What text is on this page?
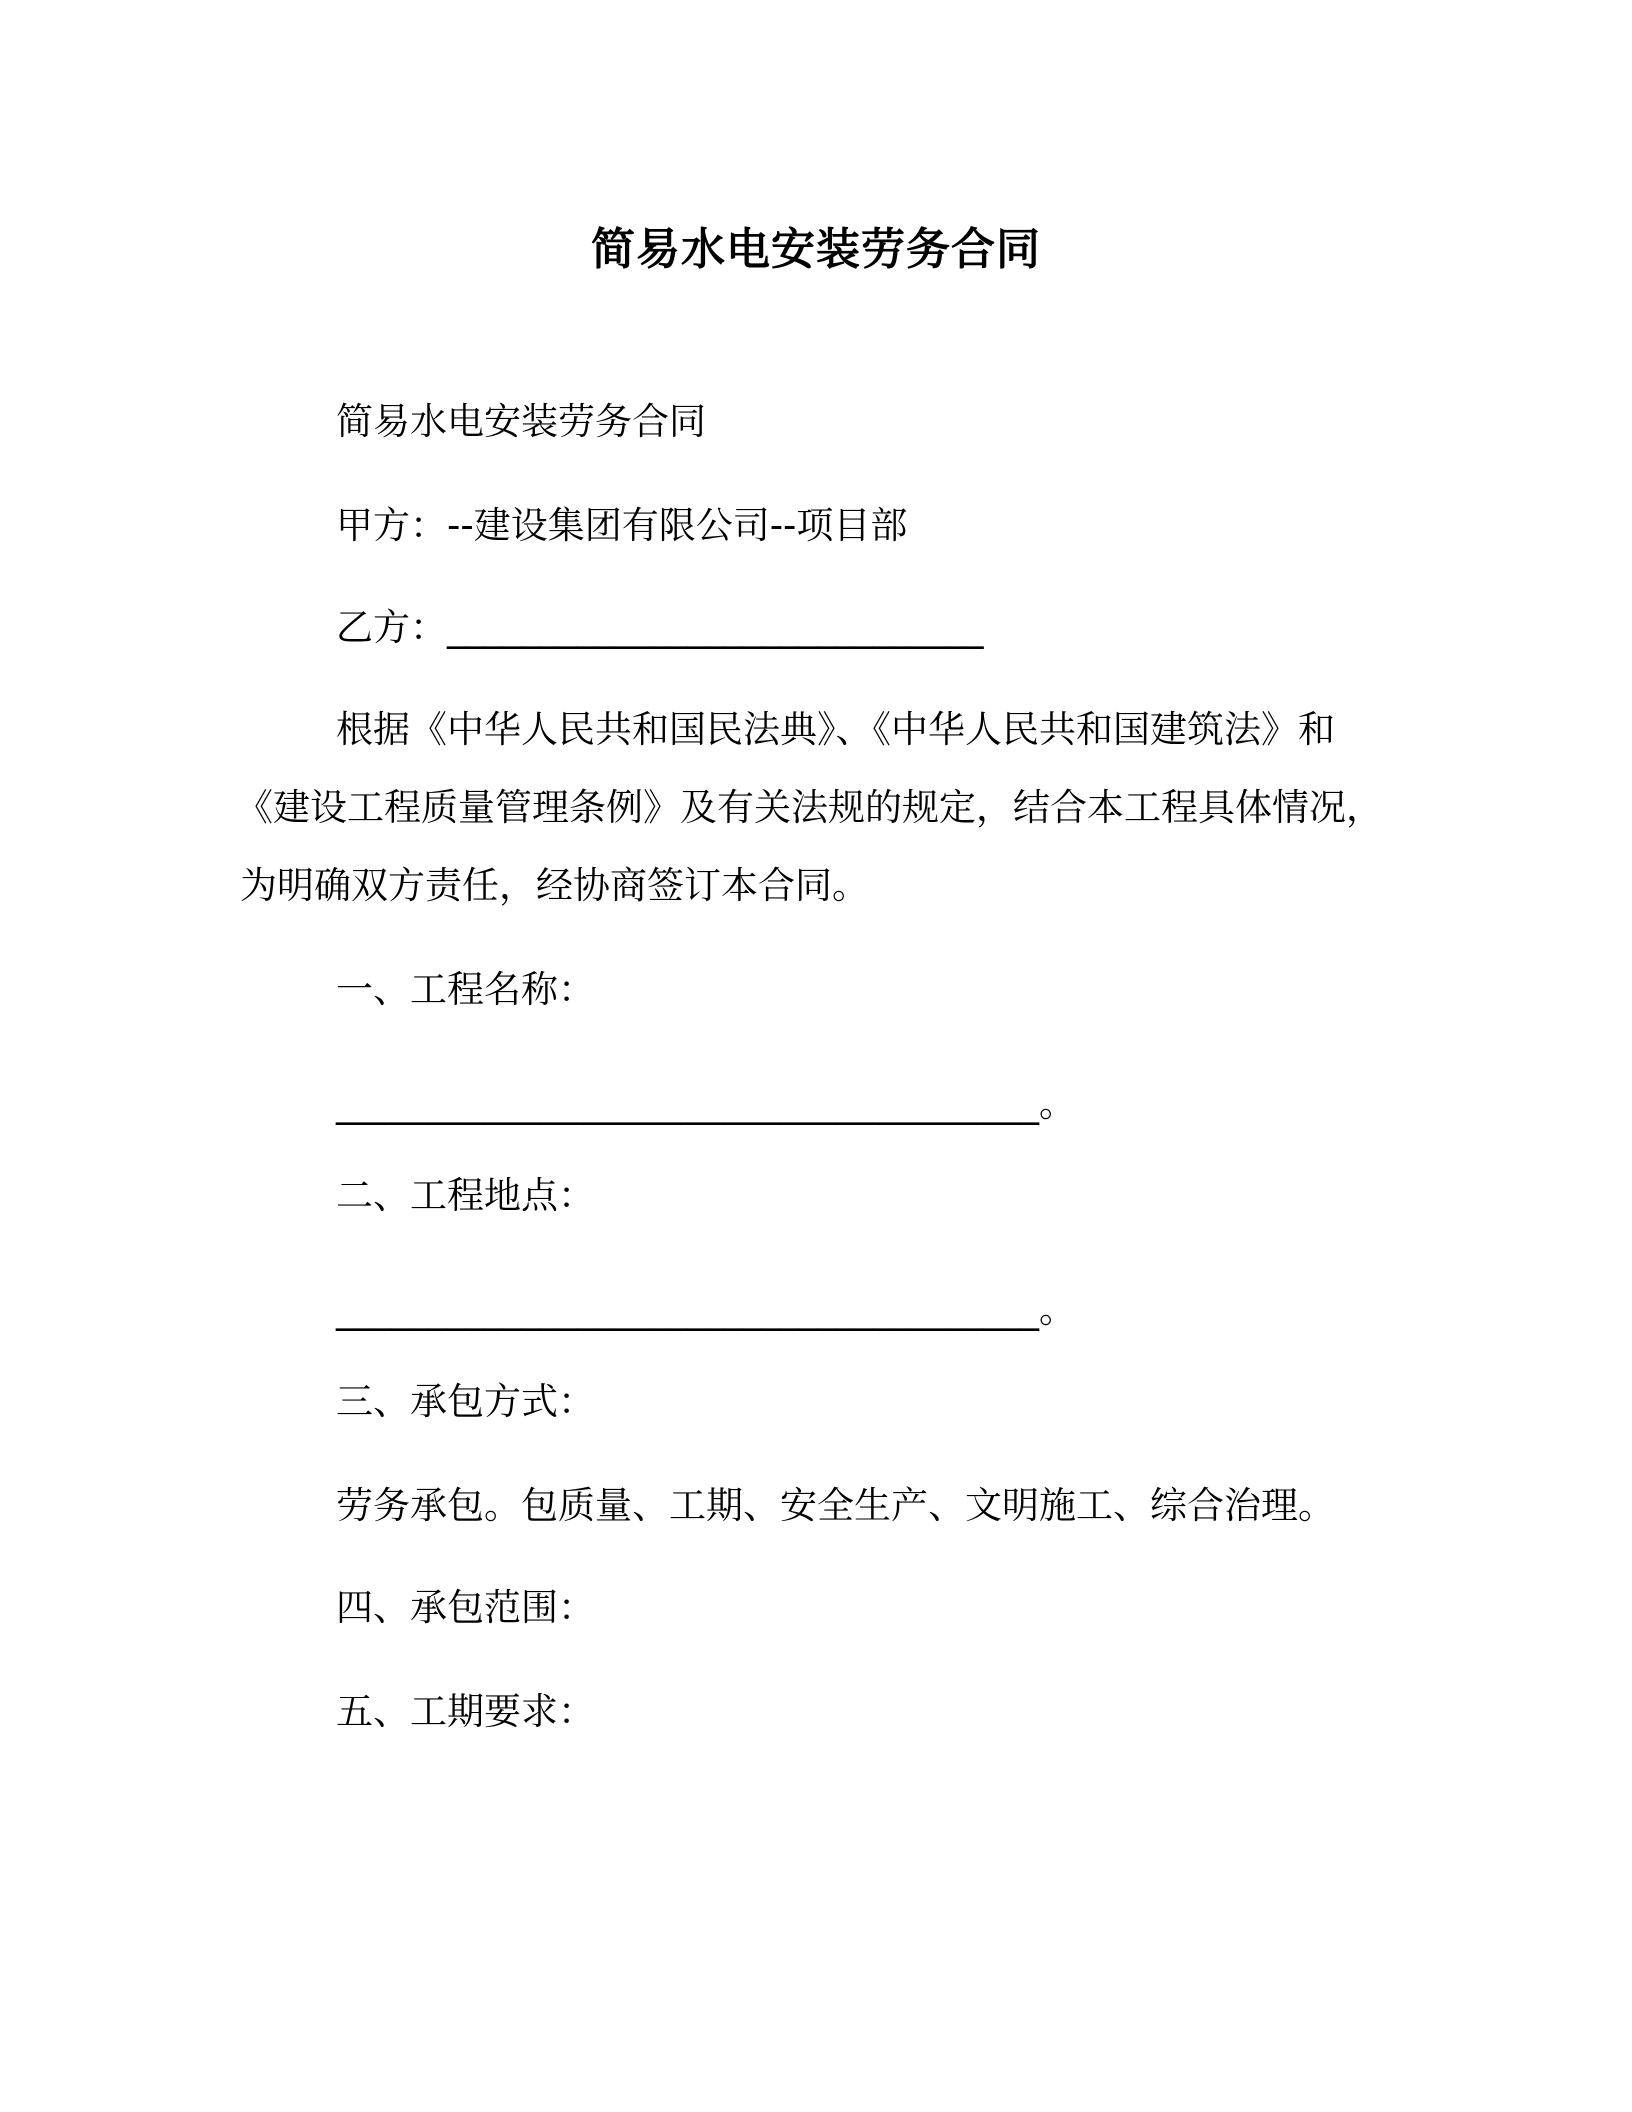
简易水电安装劳务合同
简易水电安装劳务合同
甲方：--建设集团有限公司--项目部
乙方：_____________________________
根据《中华人民共和国民法典》、《中华人民共和国建筑法》和
《建设工程质量管理条例》及有关法规的规定，结合本工程具体情况，
为明确双方责任，经协商签订本合同。
一、工程名称：
______________________________________。
二、工程地点：
______________________________________。
三、承包方式：
劳务承包。包质量、工期、安全生产、文明施工、综合治理。
四、承包范围：
五、工期要求：
